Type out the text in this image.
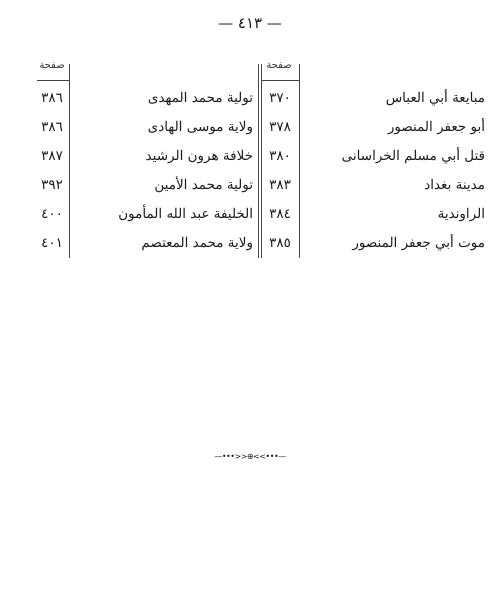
— ٤١٣ —
صفحة	صفحة
٣٨٦	تولية محمد المهدى	٣٧٠	مبايعة أبي العباس
٣٨٦	ولاية موسى الهادى	٣٧٨	أبو جعفر المنصور
٣٨٧	خلافة هرون الرشيد	٣٨٠	قتل أبي مسلم الخراسانى
٣٩٢	تولية محمد الأمين	٣٨٣	مدينة بغداد
٤٠٠	الخليفة عبد الله المأمون	٣٨٤	الراوندية
٤٠١	ولاية محمد المعتصم	٣٨٥	موت أبي جعفر المنصور
—•••>>⊕<<•••—
